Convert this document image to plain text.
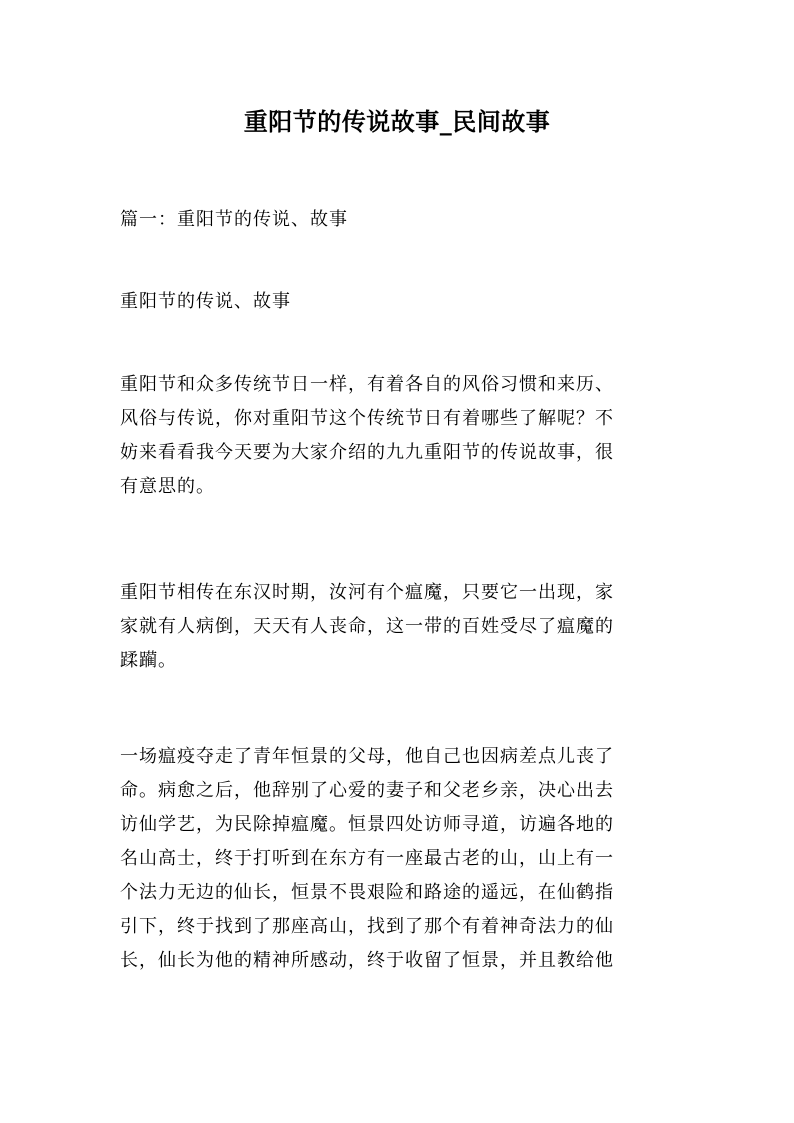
重阳节的传说故事_民间故事
篇一：重阳节的传说、故事
重阳节的传说、故事
重阳节和众多传统节日一样，有着各自的风俗习惯和来历、
风俗与传说，你对重阳节这个传统节日有着哪些了解呢？不
妨来看看我今天要为大家介绍的九九重阳节的传说故事，很
有意思的。
重阳节相传在东汉时期，汝河有个瘟魔，只要它一出现，家
家就有人病倒，天天有人丧命，这一带的百姓受尽了瘟魔的
蹂躏。
一场瘟疫夺走了青年恒景的父母，他自己也因病差点儿丧了
命。病愈之后，他辞别了心爱的妻子和父老乡亲，决心出去
访仙学艺，为民除掉瘟魔。恒景四处访师寻道，访遍各地的
名山高士，终于打听到在东方有一座最古老的山，山上有一
个法力无边的仙长，恒景不畏艰险和路途的遥远，在仙鹤指
引下，终于找到了那座高山，找到了那个有着神奇法力的仙
长，仙长为他的精神所感动，终于收留了恒景，并且教给他
